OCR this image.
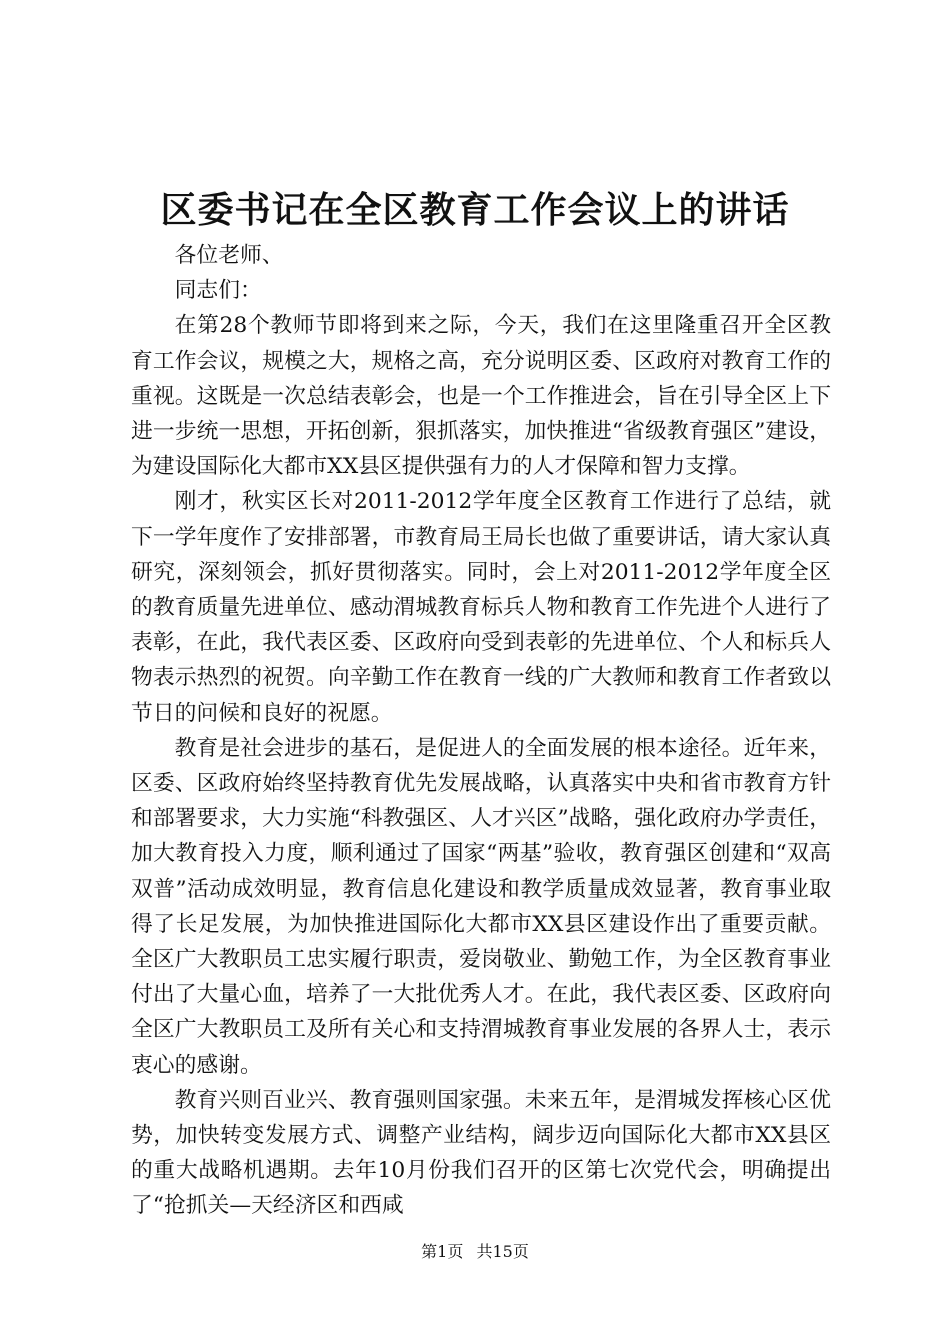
区委书记在全区教育工作会议上的讲话

各位老师、

同志们：

在第28个教师节即将到来之际，今天，我们在这里隆重召开全区教育工作会议，规模之大，规格之高，充分说明区委、区政府对教育工作的重视。这既是一次总结表彰会，也是一个工作推进会，旨在引导全区上下进一步统一思想，开拓创新，狠抓落实，加快推进“省级教育强区”建设，为建设国际化大都市XX县区提供强有力的人才保障和智力支撑。

刚才，秋实区长对2011-2012学年度全区教育工作进行了总结，就下一学年度作了安排部署，市教育局王局长也做了重要讲话，请大家认真研究，深刻领会，抓好贯彻落实。同时，会上对2011-2012学年度全区的教育质量先进单位、感动渭城教育标兵人物和教育工作先进个人进行了表彰，在此，我代表区委、区政府向受到表彰的先进单位、个人和标兵人物表示热烈的祝贺。向辛勤工作在教育一线的广大教师和教育工作者致以节日的问候和良好的祝愿。

教育是社会进步的基石，是促进人的全面发展的根本途径。近年来，区委、区政府始终坚持教育优先发展战略，认真落实中央和省市教育方针和部署要求，大力实施“科教强区、人才兴区”战略，强化政府办学责任，加大教育投入力度，顺利通过了国家“两基”验收，教育强区创建和“双高双普”活动成效明显，教育信息化建设和教学质量成效显著，教育事业取得了长足发展，为加快推进国际化大都市XX县区建设作出了重要贡献。全区广大教职员工忠实履行职责，爱岗敬业、勤勉工作，为全区教育事业付出了大量心血，培养了一大批优秀人才。在此，我代表区委、区政府向全区广大教职员工及所有关心和支持渭城教育事业发展的各界人士，表示衷心的感谢。

教育兴则百业兴、教育强则国家强。未来五年，是渭城发挥核心区优势，加快转变发展方式、调整产业结构，阔步迈向国际化大都市XX县区的重大战略机遇期。去年10月份我们召开的区第七次党代会，明确提出了“抢抓关—天经济区和西咸

第1页 共15页
